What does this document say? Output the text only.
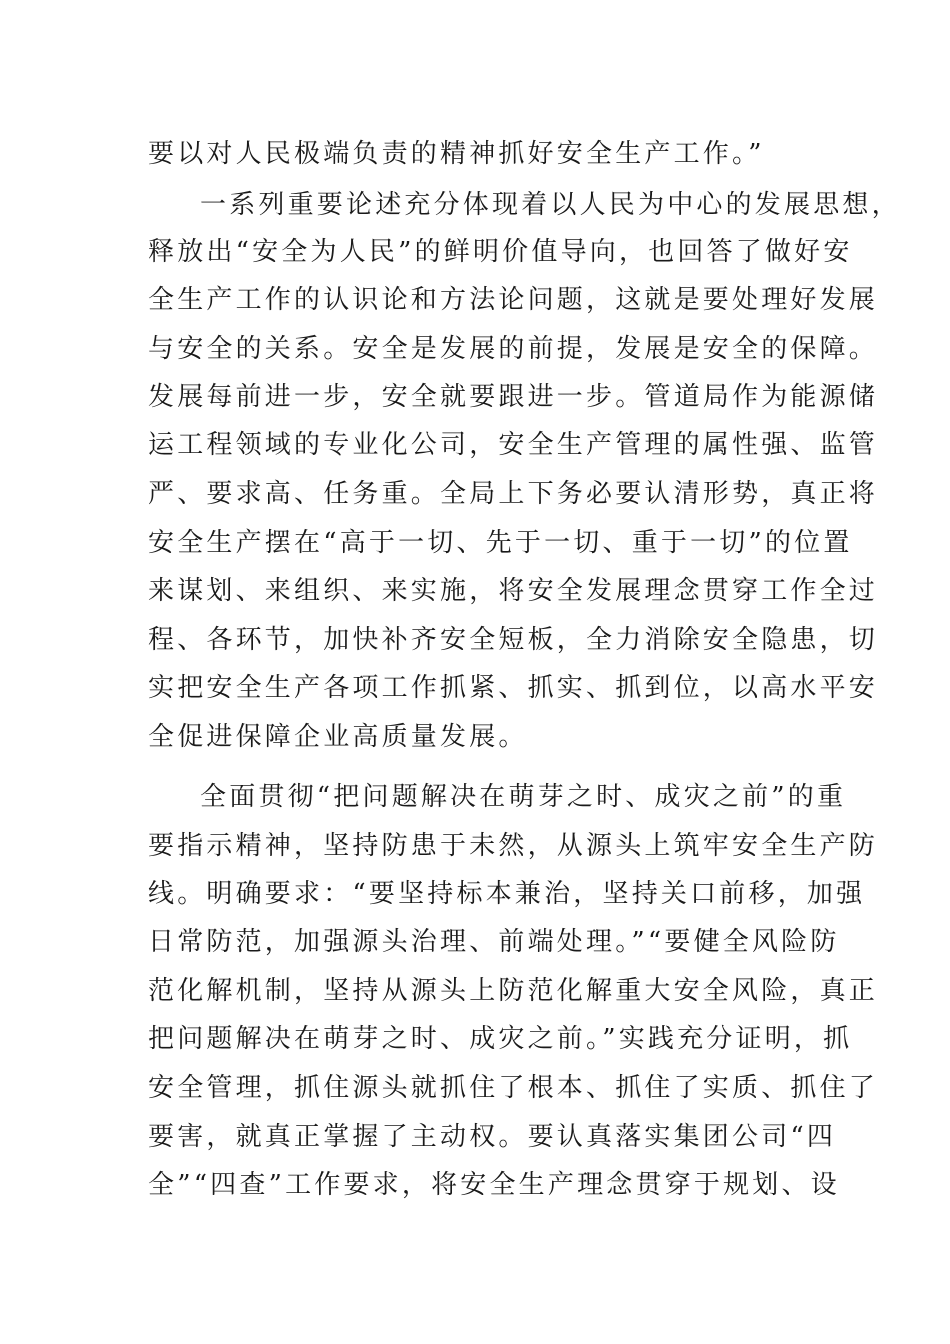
要以对人民极端负责的精神抓好安全生产工作。”
一系列重要论述充分体现着以人民为中心的发展思想，
释放出“安全为人民”的鲜明价值导向，也回答了做好安
全生产工作的认识论和方法论问题，这就是要处理好发展
与安全的关系。安全是发展的前提，发展是安全的保障。
发展每前进一步，安全就要跟进一步。管道局作为能源储
运工程领域的专业化公司，安全生产管理的属性强、监管
严、要求高、任务重。全局上下务必要认清形势，真正将
安全生产摆在“高于一切、先于一切、重于一切”的位置
来谋划、来组织、来实施，将安全发展理念贯穿工作全过
程、各环节，加快补齐安全短板，全力消除安全隐患，切
实把安全生产各项工作抓紧、抓实、抓到位，以高水平安
全促进保障企业高质量发展。
全面贯彻“把问题解决在萌芽之时、成灾之前”的重
要指示精神，坚持防患于未然，从源头上筑牢安全生产防
线。明确要求：“要坚持标本兼治，坚持关口前移，加强
日常防范，加强源头治理、前端处理。”“要健全风险防
范化解机制，坚持从源头上防范化解重大安全风险，真正
把问题解决在萌芽之时、成灾之前。”实践充分证明，抓
安全管理，抓住源头就抓住了根本、抓住了实质、抓住了
要害，就真正掌握了主动权。要认真落实集团公司“四
全”“四查”工作要求，将安全生产理念贯穿于规划、设
